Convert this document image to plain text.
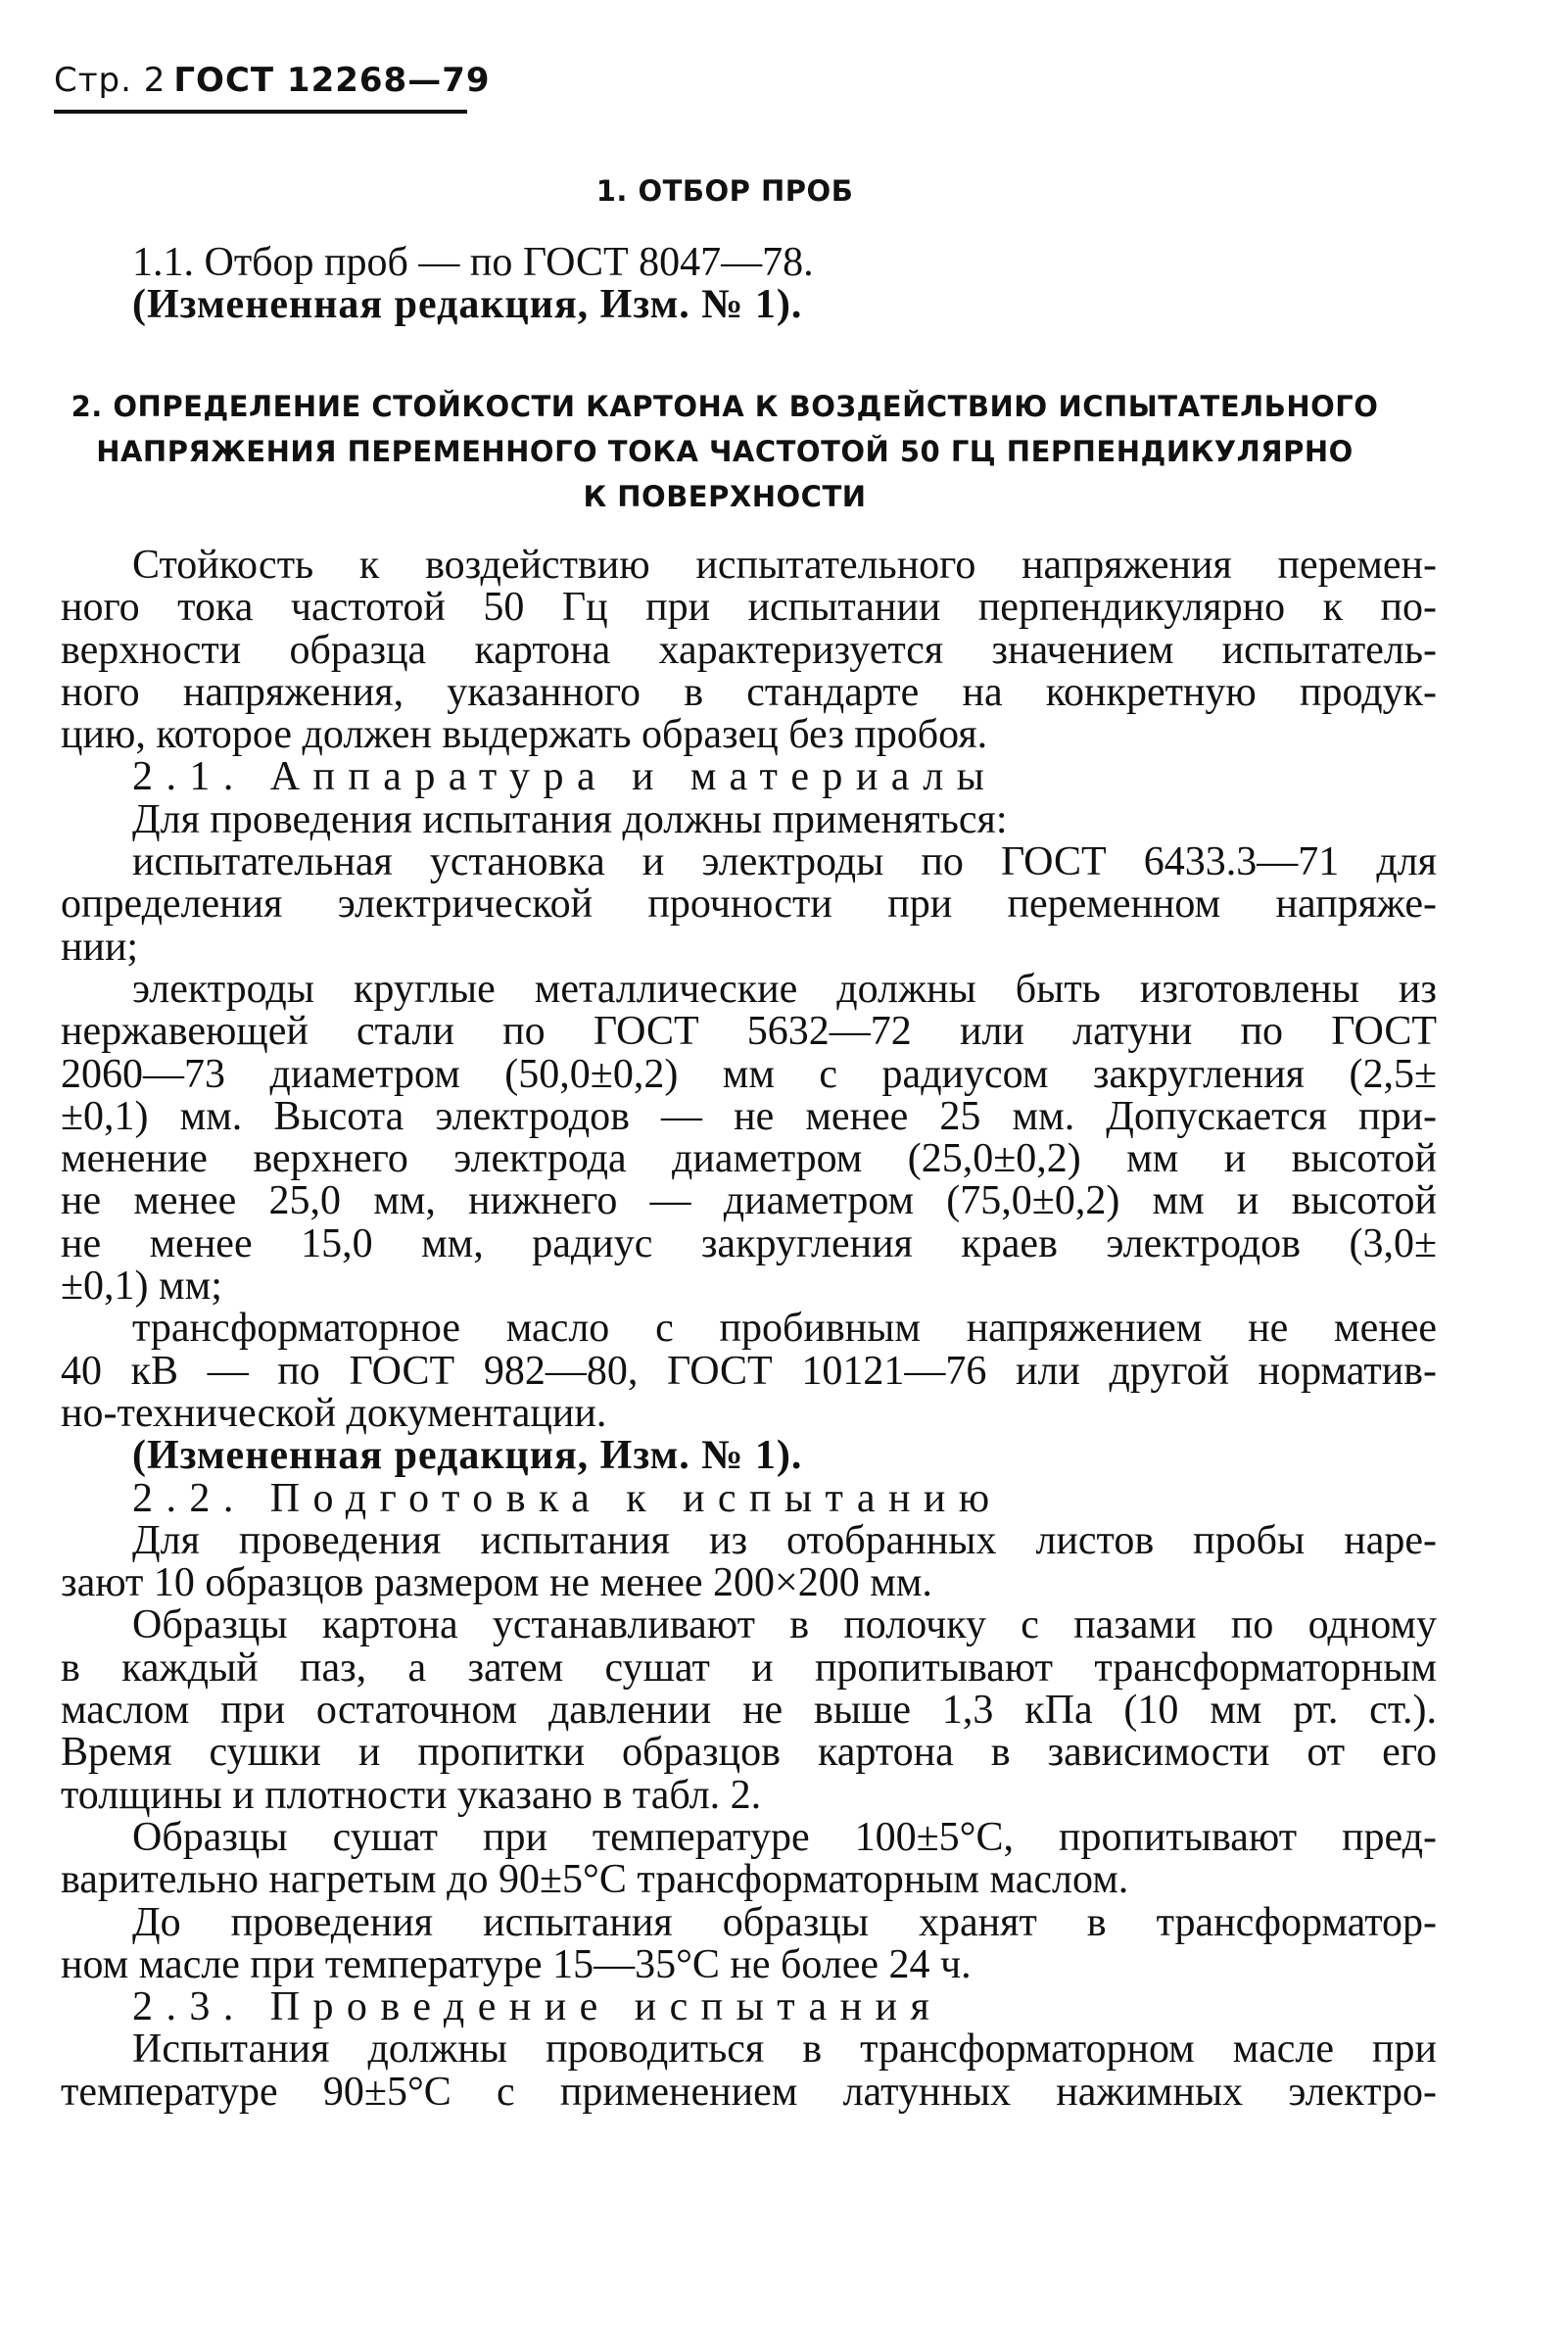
Стр. 2 ГОСТ 12268—79
1. ОТБОР ПРОБ
1.1. Отбор проб — по ГОСТ 8047—78.
(Измененная редакция, Изм. № 1).
2. ОПРЕДЕЛЕНИЕ СТОЙКОСТИ КАРТОНА К ВОЗДЕЙСТВИЮ ИСПЫТАТЕЛЬНОГО
НАПРЯЖЕНИЯ ПЕРЕМЕННОГО ТОКА ЧАСТОТОЙ 50 ГЦ ПЕРПЕНДИКУЛЯРНО
К ПОВЕРХНОСТИ
Стойкость к воздействию испытательного напряжения перемен-
ного тока частотой 50 Гц при испытании перпендикулярно к по-
верхности образца картона характеризуется значением испытатель-
ного напряжения, указанного в стандарте на конкретную продук-
цию, которое должен выдержать образец без пробоя.
2.1. Аппаратура и материалы
Для проведения испытания должны применяться:
испытательная установка и электроды по ГОСТ 6433.3—71 для
определения электрической прочности при переменном напряже-
нии;
электроды круглые металлические должны быть изготовлены из
нержавеющей стали по ГОСТ 5632—72 или латуни по ГОСТ
2060—73 диаметром (50,0±0,2) мм с радиусом закругления (2,5±
±0,1) мм. Высота электродов — не менее 25 мм. Допускается при-
менение верхнего электрода диаметром (25,0±0,2) мм и высотой
не менее 25,0 мм, нижнего — диаметром (75,0±0,2) мм и высотой
не менее 15,0 мм, радиус закругления краев электродов (3,0±
±0,1) мм;
трансформаторное масло с пробивным напряжением не менее
40 кВ — по ГОСТ 982—80, ГОСТ 10121—76 или другой норматив-
но-технической документации.
(Измененная редакция, Изм. № 1).
2.2. Подготовка к испытанию
Для проведения испытания из отобранных листов пробы наре-
зают 10 образцов размером не менее 200×200 мм.
Образцы картона устанавливают в полочку с пазами по одному
в каждый паз, а затем сушат и пропитывают трансформаторным
маслом при остаточном давлении не выше 1,3 кПа (10 мм рт. ст.).
Время сушки и пропитки образцов картона в зависимости от его
толщины и плотности указано в табл. 2.
Образцы сушат при температуре 100±5°С, пропитывают пред-
варительно нагретым до 90±5°С трансформаторным маслом.
До проведения испытания образцы хранят в трансформатор-
ном масле при температуре 15—35°С не более 24 ч.
2.3. Проведение испытания
Испытания должны проводиться в трансформаторном масле при
температуре 90±5°С с применением латунных нажимных электро-
